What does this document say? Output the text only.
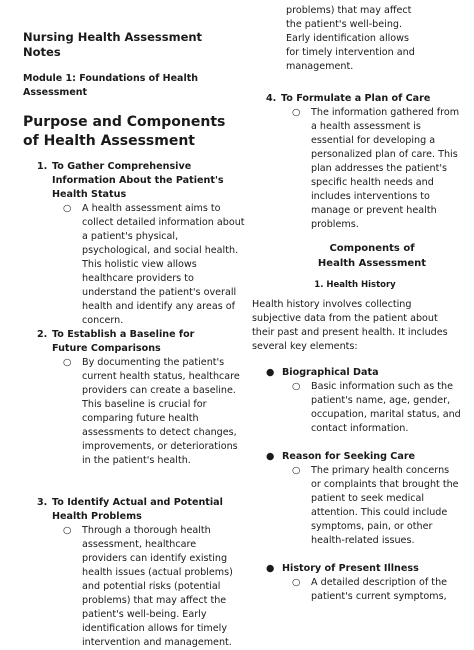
Nursing Health Assessment Notes
Module 1: Foundations of Health Assessment
Purpose and Components of Health Assessment
1. To Gather Comprehensive Information About the Patient's Health Status
○ A health assessment aims to collect detailed information about a patient's physical, psychological, and social health. This holistic view allows healthcare providers to understand the patient's overall health and identify any areas of concern.
2. To Establish a Baseline for Future Comparisons
○ By documenting the patient's current health status, healthcare providers can create a baseline. This baseline is crucial for comparing future health assessments to detect changes, improvements, or deteriorations in the patient's health.
3. To Identify Actual and Potential Health Problems
○ Through a thorough health assessment, healthcare providers can identify existing health issues (actual problems) and potential risks (potential problems) that may affect the patient's well-being. Early identification allows for timely intervention and management.
problems) that may affect
the patient's well-being.
Early identification allows
for timely intervention and
management.
4. To Formulate a Plan of Care
○ The information gathered from a health assessment is essential for developing a personalized plan of care. This plan addresses the patient's specific health needs and includes interventions to manage or prevent health problems.
Components of Health Assessment
1. Health History
Health history involves collecting subjective data from the patient about their past and present health. It includes several key elements:
● Biographical Data
○ Basic information such as the patient's name, age, gender, occupation, marital status, and contact information.
● Reason for Seeking Care
○ The primary health concerns or complaints that brought the patient to seek medical attention. This could include symptoms, pain, or other health-related issues.
● History of Present Illness
○ A detailed description of the patient's current symptoms,
